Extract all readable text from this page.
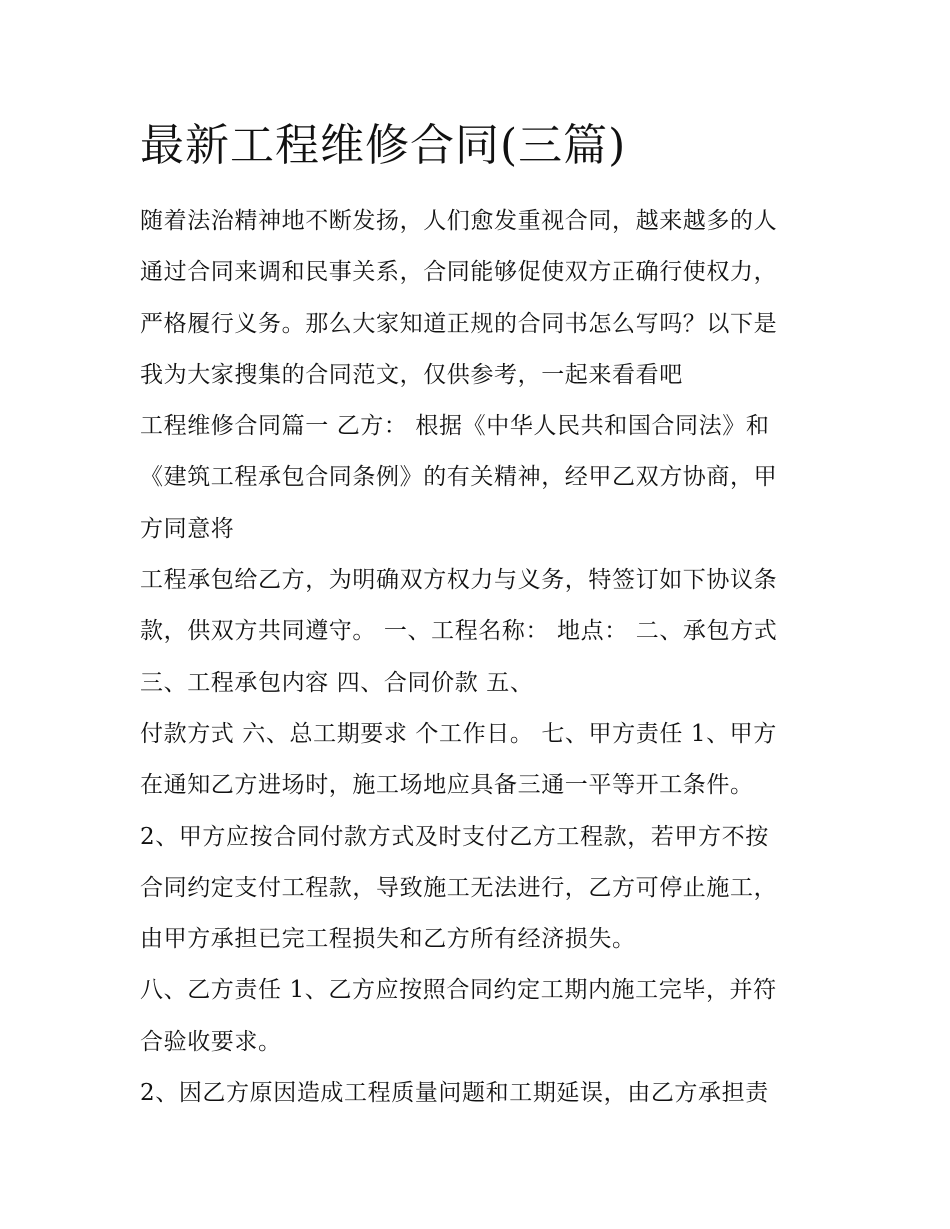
最新工程维修合同(三篇)
随着法治精神地不断发扬，人们愈发重视合同，越来越多的人
通过合同来调和民事关系，合同能够促使双方正确行使权力，
严格履行义务。那么大家知道正规的合同书怎么写吗？以下是
我为大家搜集的合同范文，仅供参考，一起来看看吧
工程维修合同篇一 乙方： 根据《中华人民共和国合同法》和
《建筑工程承包合同条例》的有关精神，经甲乙双方协商，甲
方同意将
工程承包给乙方，为明确双方权力与义务，特签订如下协议条
款，供双方共同遵守。 一、工程名称： 地点： 二、承包方式
三、工程承包内容 四、合同价款 五、
付款方式 六、总工期要求 个工作日。 七、甲方责任 1、甲方
在通知乙方进场时，施工场地应具备三通一平等开工条件。
2、甲方应按合同付款方式及时支付乙方工程款，若甲方不按
合同约定支付工程款，导致施工无法进行，乙方可停止施工，
由甲方承担已完工程损失和乙方所有经济损失。
八、乙方责任 1、乙方应按照合同约定工期内施工完毕，并符
合验收要求。
2、因乙方原因造成工程质量问题和工期延误，由乙方承担责
